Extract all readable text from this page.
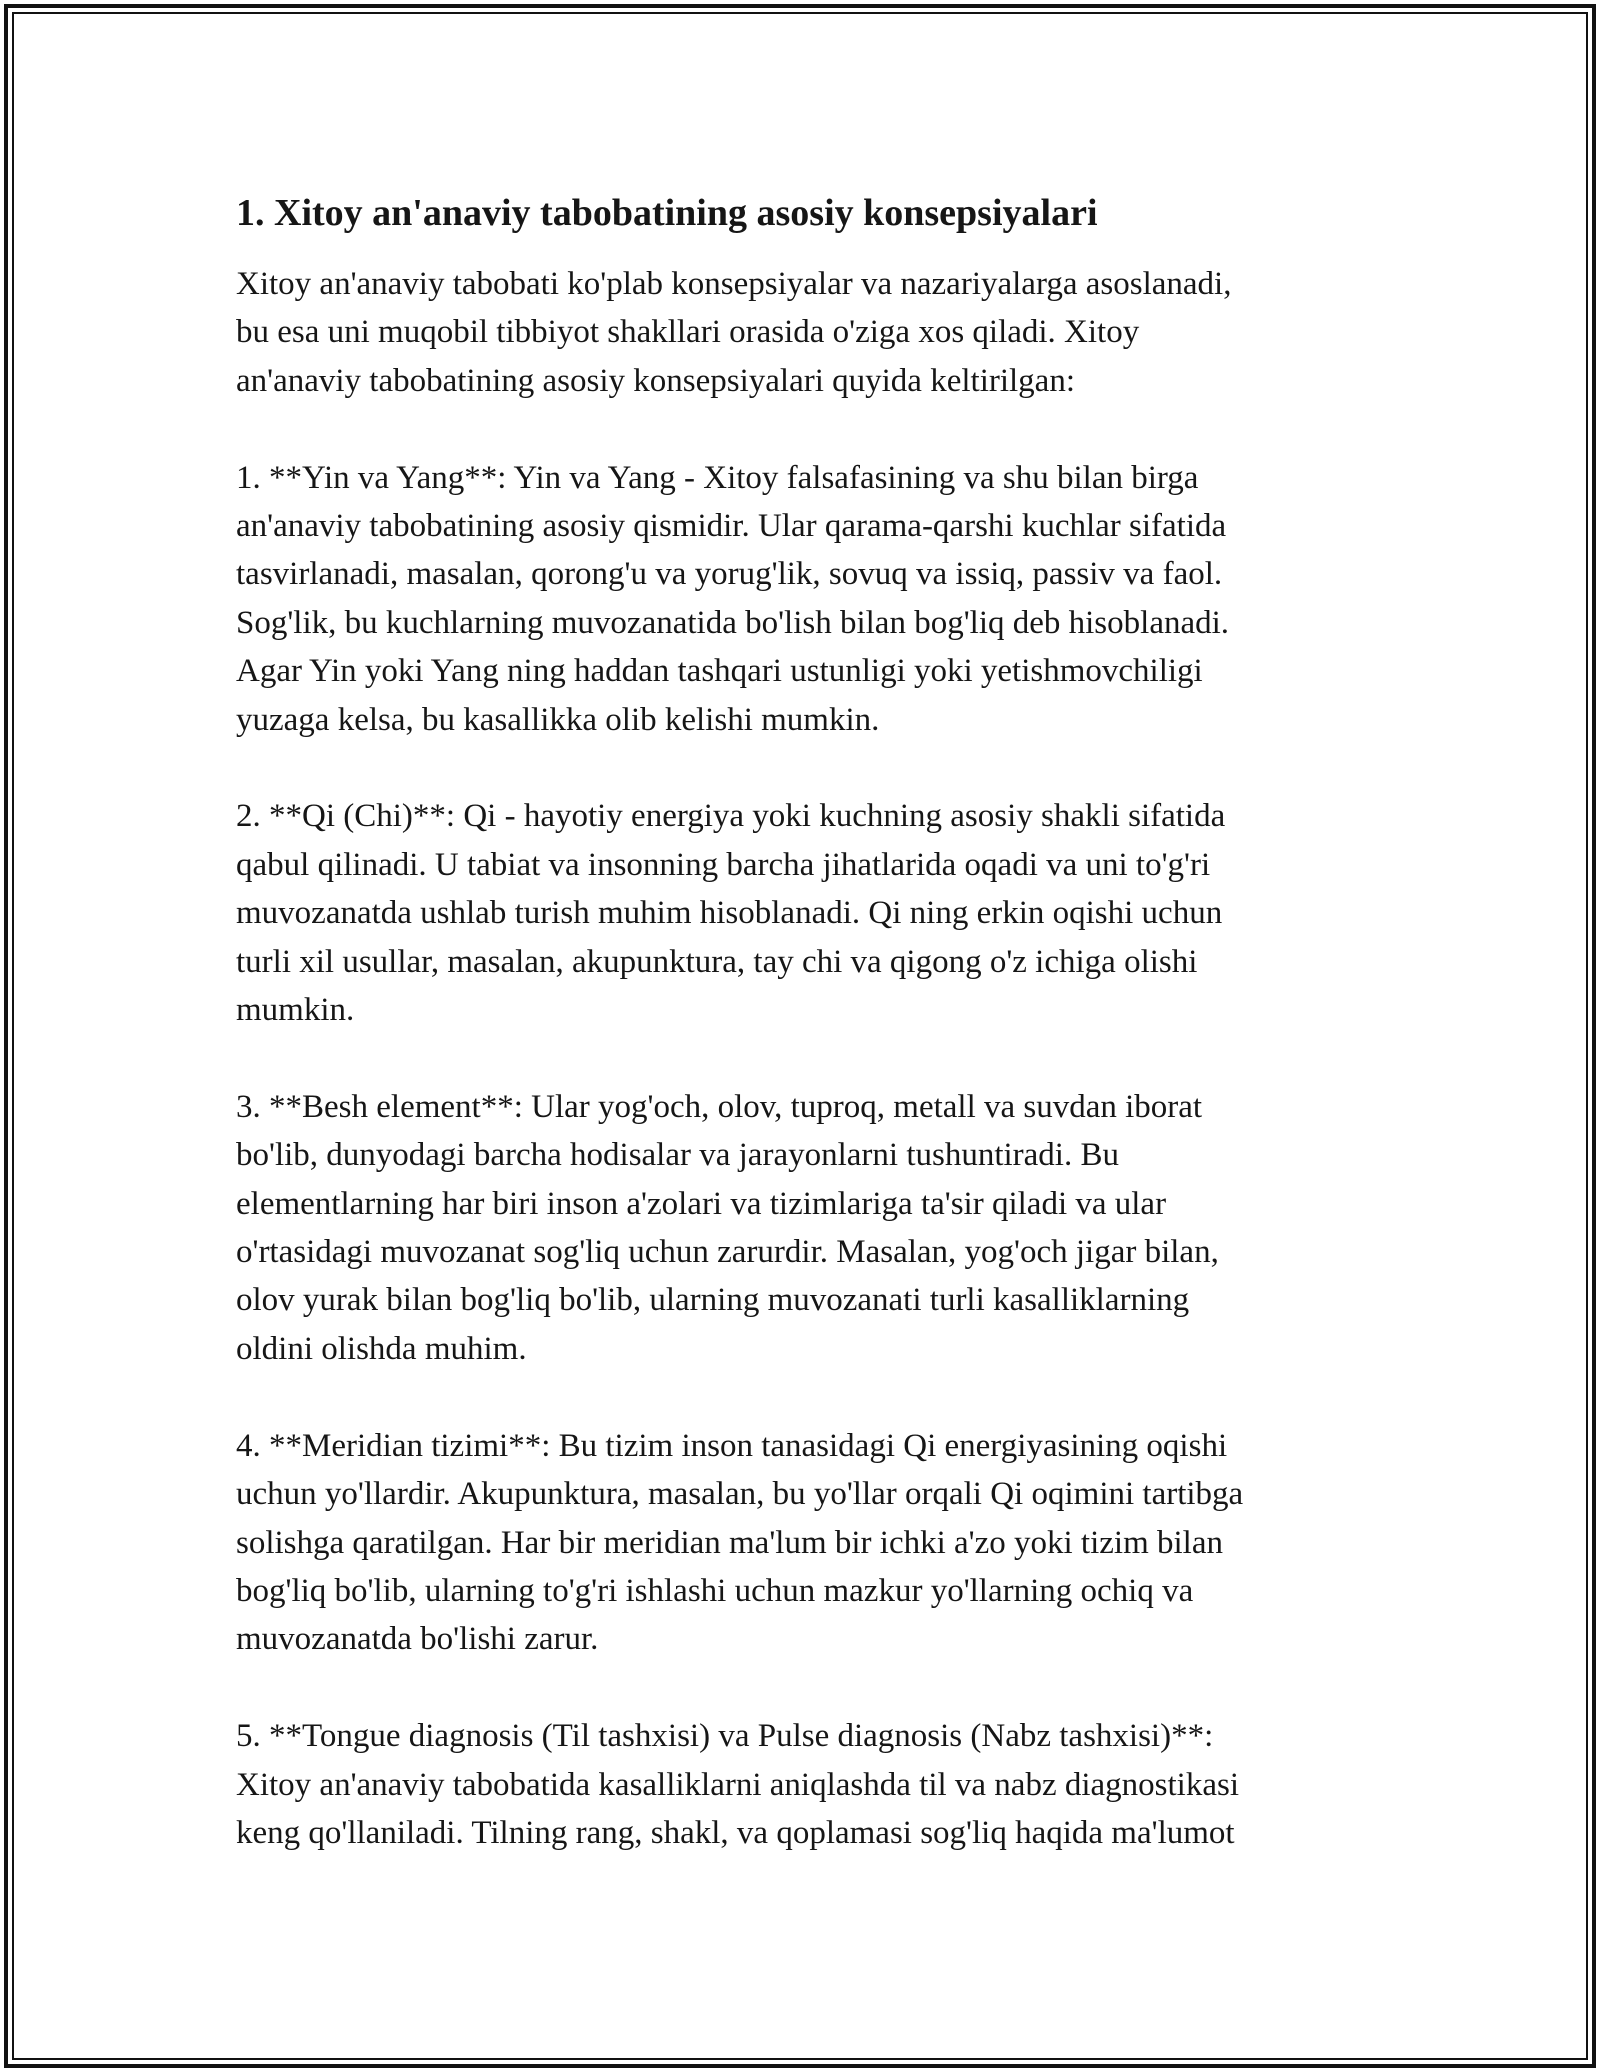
1. Xitoy an'anaviy tabobatining asosiy konsepsiyalari

Xitoy an'anaviy tabobati ko'plab konsepsiyalar va nazariyalarga asoslanadi,
bu esa uni muqobil tibbiyot shakllari orasida o'ziga xos qiladi. Xitoy
an'anaviy tabobatining asosiy konsepsiyalari quyida keltirilgan:

1. **Yin va Yang**: Yin va Yang - Xitoy falsafasining va shu bilan birga
an'anaviy tabobatining asosiy qismidir. Ular qarama-qarshi kuchlar sifatida
tasvirlanadi, masalan, qorong'u va yorug'lik, sovuq va issiq, passiv va faol.
Sog'lik, bu kuchlarning muvozanatida bo'lish bilan bog'liq deb hisoblanadi.
Agar Yin yoki Yang ning haddan tashqari ustunligi yoki yetishmovchiligi
yuzaga kelsa, bu kasallikka olib kelishi mumkin.

2. **Qi (Chi)**: Qi - hayotiy energiya yoki kuchning asosiy shakli sifatida
qabul qilinadi. U tabiat va insonning barcha jihatlarida oqadi va uni to'g'ri
muvozanatda ushlab turish muhim hisoblanadi. Qi ning erkin oqishi uchun
turli xil usullar, masalan, akupunktura, tay chi va qigong o'z ichiga olishi
mumkin.

3. **Besh element**: Ular yog'och, olov, tuproq, metall va suvdan iborat
bo'lib, dunyodagi barcha hodisalar va jarayonlarni tushuntiradi. Bu
elementlarning har biri inson a'zolari va tizimlariga ta'sir qiladi va ular
o'rtasidagi muvozanat sog'liq uchun zarurdir. Masalan, yog'och jigar bilan,
olov yurak bilan bog'liq bo'lib, ularning muvozanati turli kasalliklarning
oldini olishda muhim.

4. **Meridian tizimi**: Bu tizim inson tanasidagi Qi energiyasining oqishi
uchun yo'llardir. Akupunktura, masalan, bu yo'llar orqali Qi oqimini tartibga
solishga qaratilgan. Har bir meridian ma'lum bir ichki a'zo yoki tizim bilan
bog'liq bo'lib, ularning to'g'ri ishlashi uchun mazkur yo'llarning ochiq va
muvozanatda bo'lishi zarur.

5. **Tongue diagnosis (Til tashxisi) va Pulse diagnosis (Nabz tashxisi)**:
Xitoy an'anaviy tabobatida kasalliklarni aniqlashda til va nabz diagnostikasi
keng qo'llaniladi. Tilning rang, shakl, va qoplamasi sog'liq haqida ma'lumot
